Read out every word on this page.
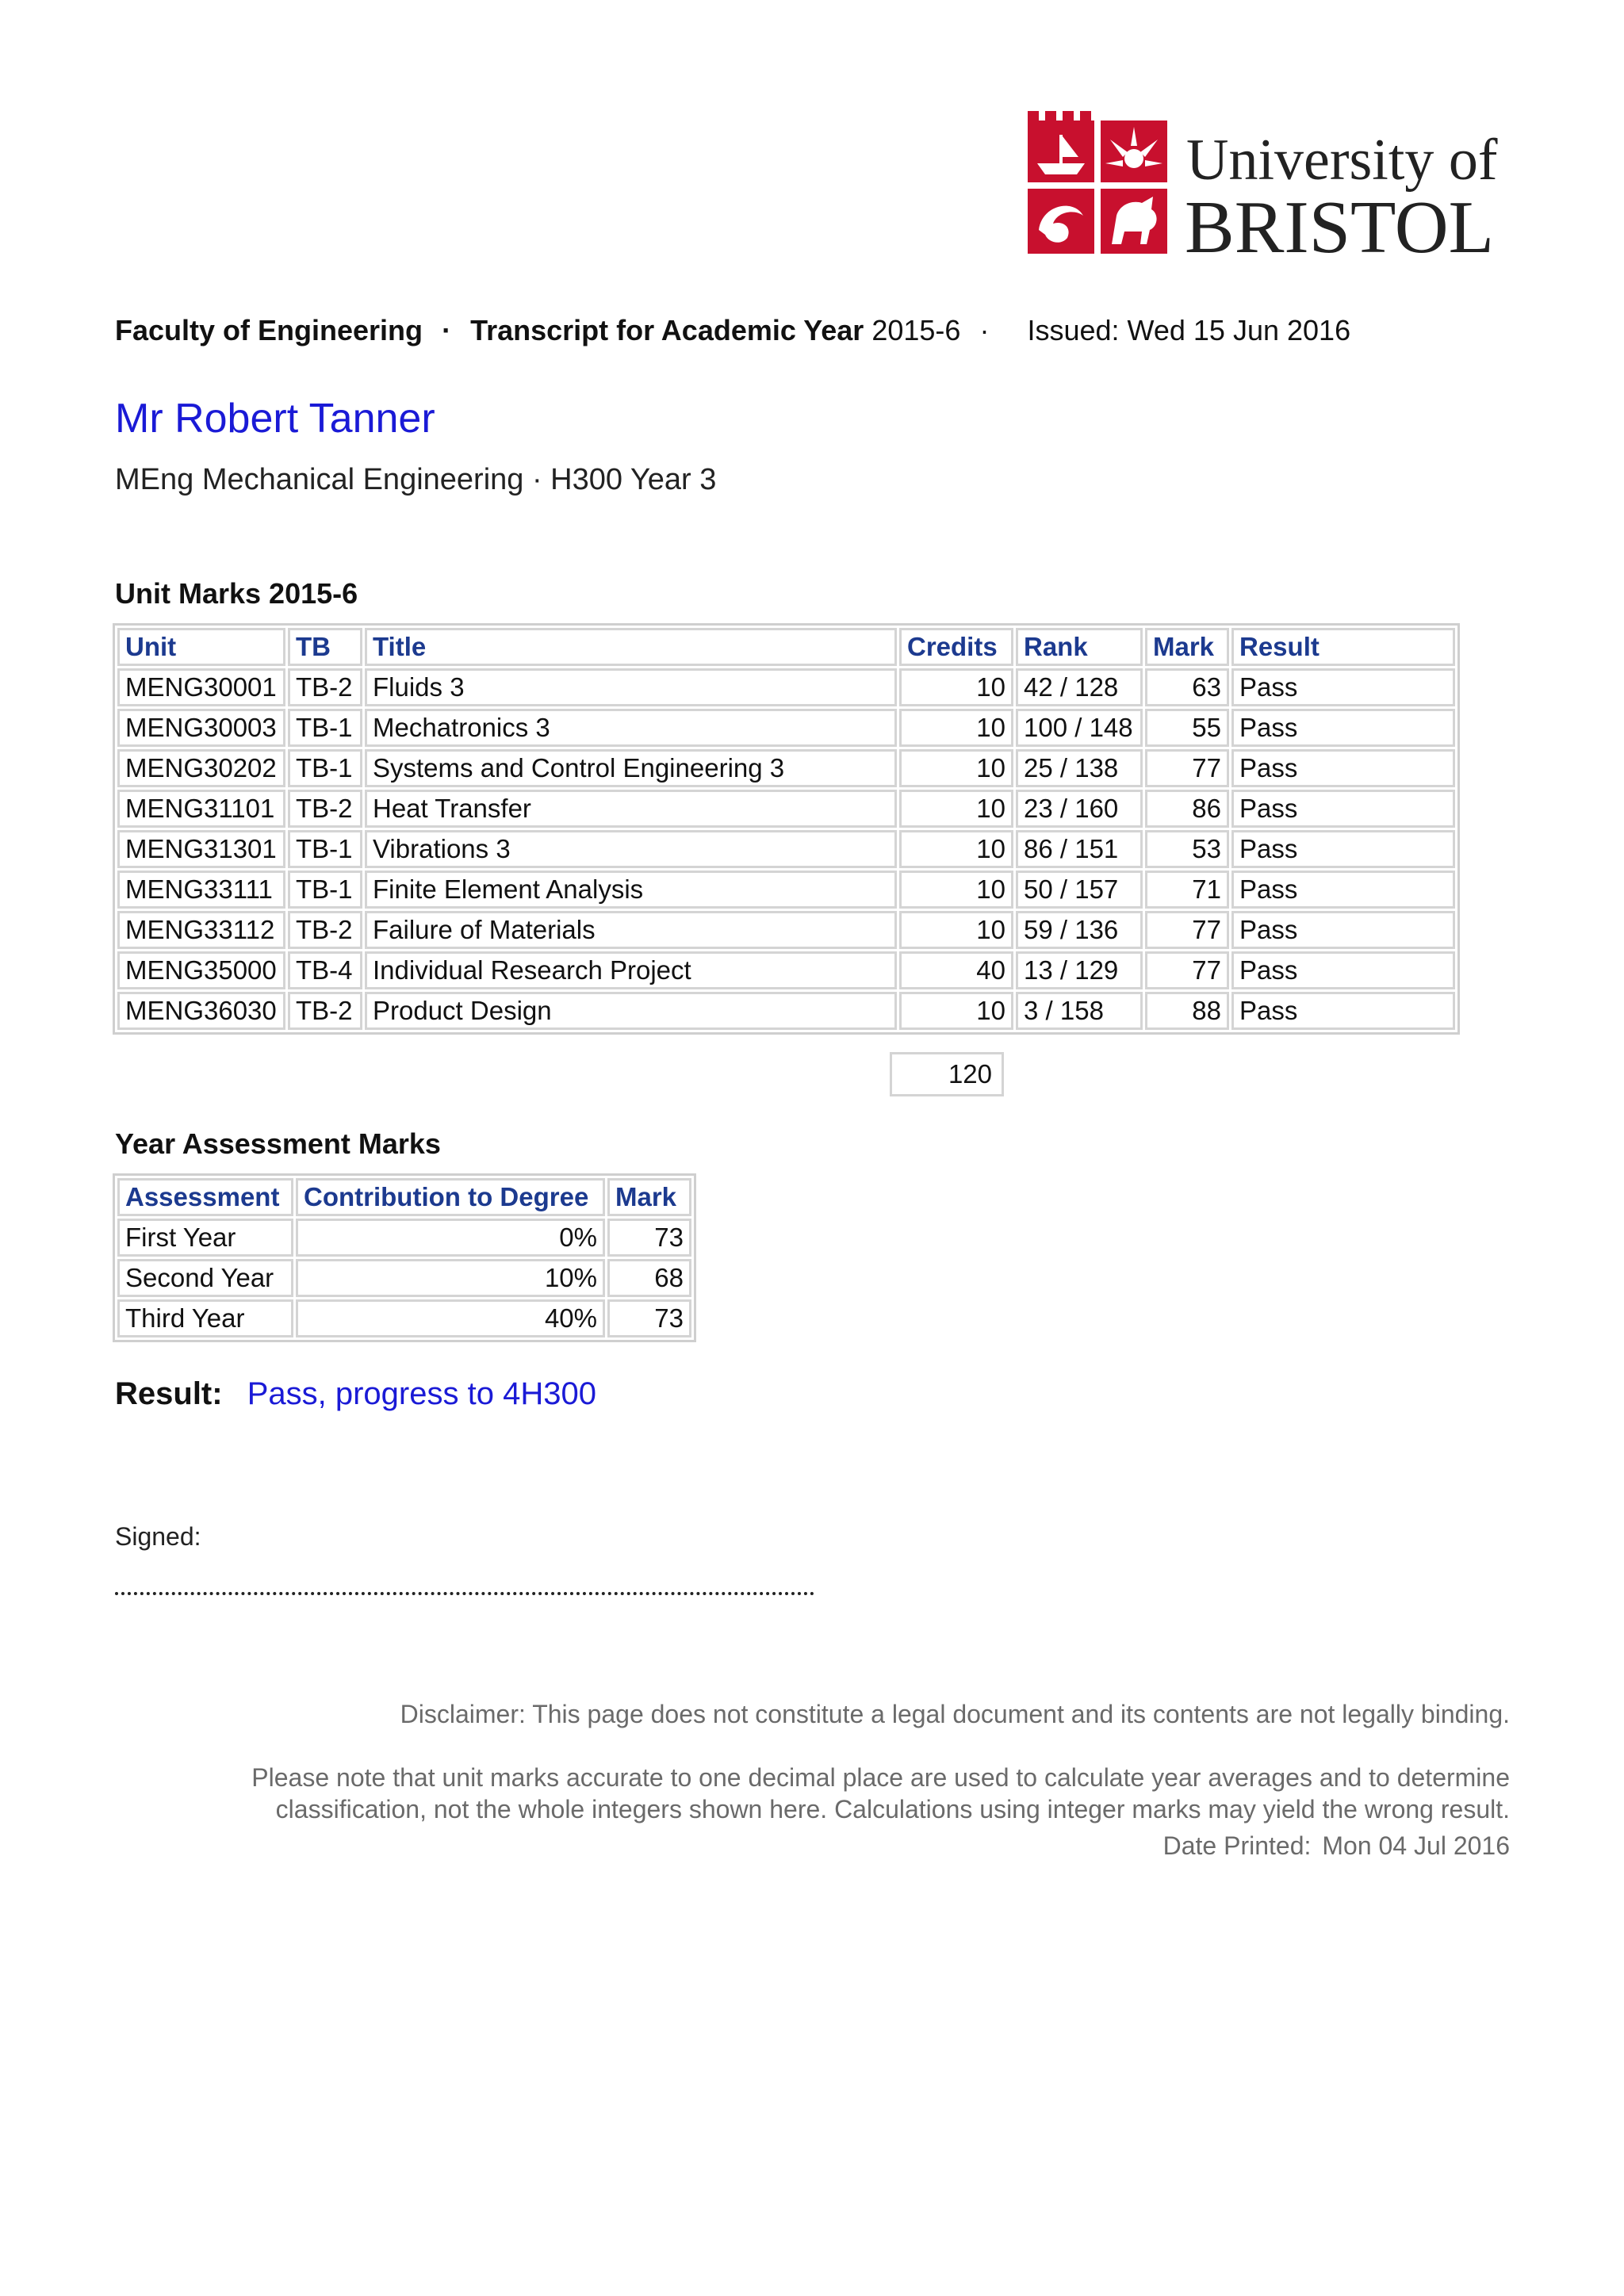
University of
BRISTOL
Faculty of Engineering · Transcript for Academic Year 2015-6 · Issued: Wed 15 Jun 2016
Mr Robert Tanner
MEng Mechanical Engineering · H300 Year 3
Unit Marks 2015-6
Unit	TB	Title	Credits	Rank	Mark	Result
MENG30001	TB-2	Fluids 3	10	42 / 128	63	Pass
MENG30003	TB-1	Mechatronics 3	10	100 / 148	55	Pass
MENG30202	TB-1	Systems and Control Engineering 3	10	25 / 138	77	Pass
MENG31101	TB-2	Heat Transfer	10	23 / 160	86	Pass
MENG31301	TB-1	Vibrations 3	10	86 / 151	53	Pass
MENG33111	TB-1	Finite Element Analysis	10	50 / 157	71	Pass
MENG33112	TB-2	Failure of Materials	10	59 / 136	77	Pass
MENG35000	TB-4	Individual Research Project	40	13 / 129	77	Pass
MENG36030	TB-2	Product Design	10	3 / 158	88	Pass
120
Year Assessment Marks
Assessment	Contribution to Degree	Mark
First Year	0%	73
Second Year	10%	68
Third Year	40%	73
Result: Pass, progress to 4H300
Signed:
Disclaimer: This page does not constitute a legal document and its contents are not legally binding.
Please note that unit marks accurate to one decimal place are used to calculate year averages and to determine classification, not the whole integers shown here. Calculations using integer marks may yield the wrong result.
Date Printed: Mon 04 Jul 2016
